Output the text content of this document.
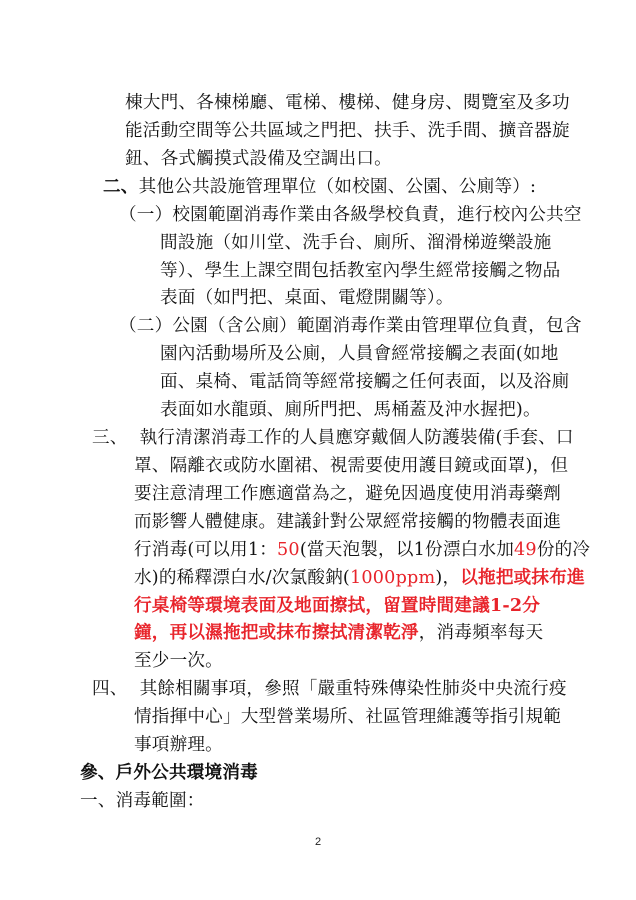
棟大門、各棟梯廳、電梯、樓梯、健身房、閱覽室及多功
能活動空間等公共區域之門把、扶手、洗手間、擴音器旋
鈕、各式觸摸式設備及空調出口。
二、其他公共設施管理單位（如校園、公園、公廁等）:
（一）校園範圍消毒作業由各級學校負責，進行校內公共空
間設施（如川堂、洗手台、廁所、溜滑梯遊樂設施
等）、學生上課空間包括教室內學生經常接觸之物品
表面（如門把、桌面、電燈開關等）。
（二）公園（含公廁）範圍消毒作業由管理單位負責，包含
園內活動場所及公廁，人員會經常接觸之表面(如地
面、桌椅、電話筒等經常接觸之任何表面，以及浴廁
表面如水龍頭、廁所門把、馬桶蓋及沖水握把)。
三、 執行清潔消毒工作的人員應穿戴個人防護裝備(手套、口
罩、隔離衣或防水圍裙、視需要使用護目鏡或面罩)，但
要注意清理工作應適當為之，避免因過度使用消毒藥劑
而影響人體健康。建議針對公眾經常接觸的物體表面進
行消毒(可以用1：50(當天泡製，以1份漂白水加49份的冷
水)的稀釋漂白水/次氯酸鈉(1000ppm)，以拖把或抹布進
行桌椅等環境表面及地面擦拭，留置時間建議1-2分
鐘，再以濕拖把或抹布擦拭清潔乾淨，消毒頻率每天
至少一次。
四、 其餘相關事項，參照「嚴重特殊傳染性肺炎中央流行疫
2
情指揮中心」大型營業場所、社區管理維護等指引規範
事項辦理。
參、戶外公共環境消毒
一、消毒範圍：
